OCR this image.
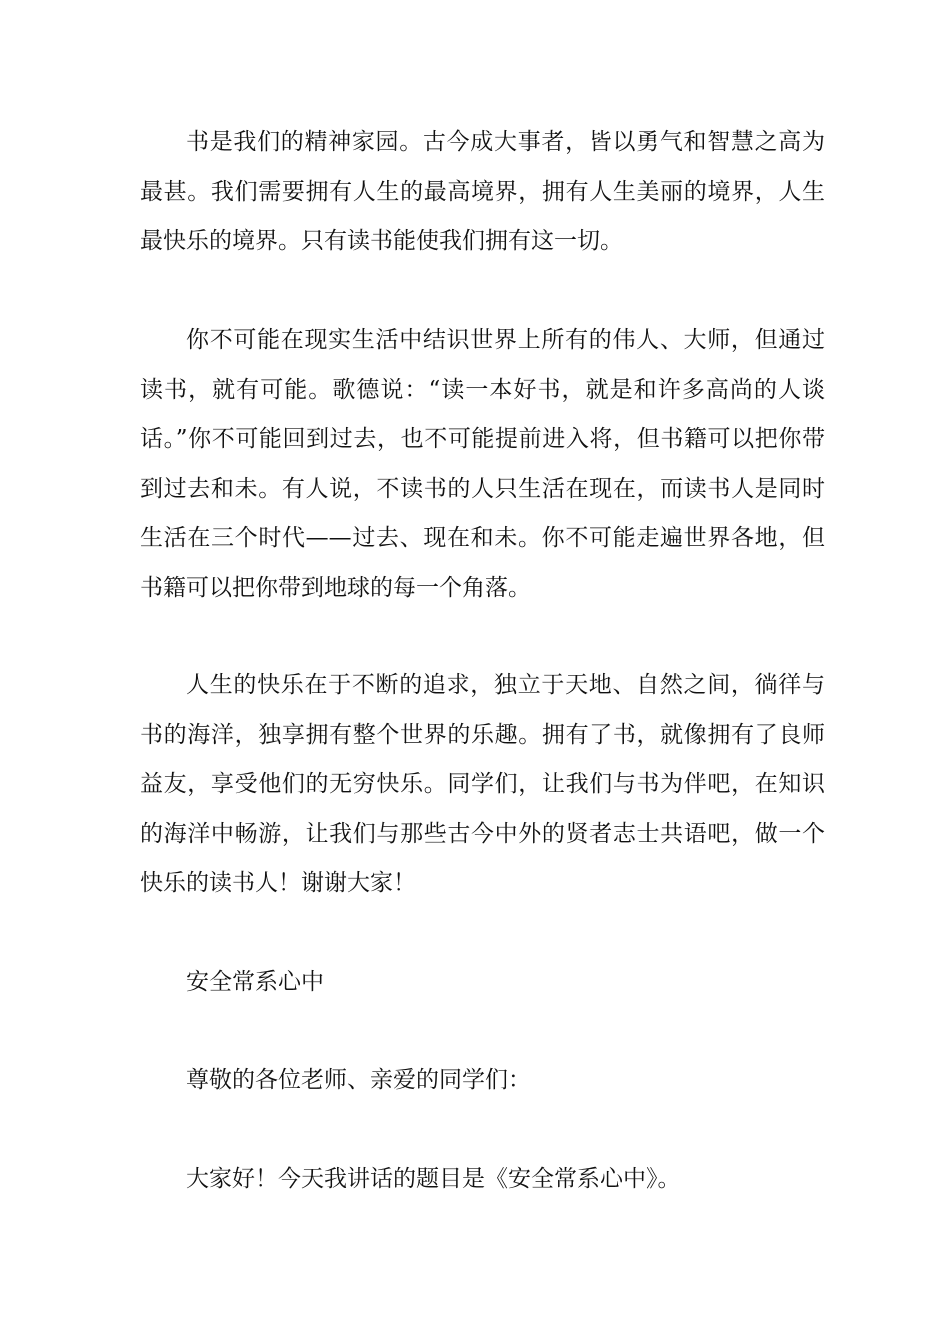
书是我们的精神家园。古今成大事者，皆以勇气和智慧之高为最甚。我们需要拥有人生的最高境界，拥有人生美丽的境界，人生最快乐的境界。只有读书能使我们拥有这一切。

你不可能在现实生活中结识世界上所有的伟人、大师，但通过读书，就有可能。歌德说：“读一本好书，就是和许多高尚的人谈话。”你不可能回到过去，也不可能提前进入将，但书籍可以把你带到过去和未。有人说，不读书的人只生活在现在，而读书人是同时生活在三个时代——过去、现在和未。你不可能走遍世界各地，但书籍可以把你带到地球的每一个角落。

人生的快乐在于不断的追求，独立于天地、自然之间，徜徉与书的海洋，独享拥有整个世界的乐趣。拥有了书，就像拥有了良师益友，享受他们的无穷快乐。同学们，让我们与书为伴吧，在知识的海洋中畅游，让我们与那些古今中外的贤者志士共语吧，做一个快乐的读书人！谢谢大家！

安全常系心中

尊敬的各位老师、亲爱的同学们：

大家好！今天我讲话的题目是《安全常系心中》。
